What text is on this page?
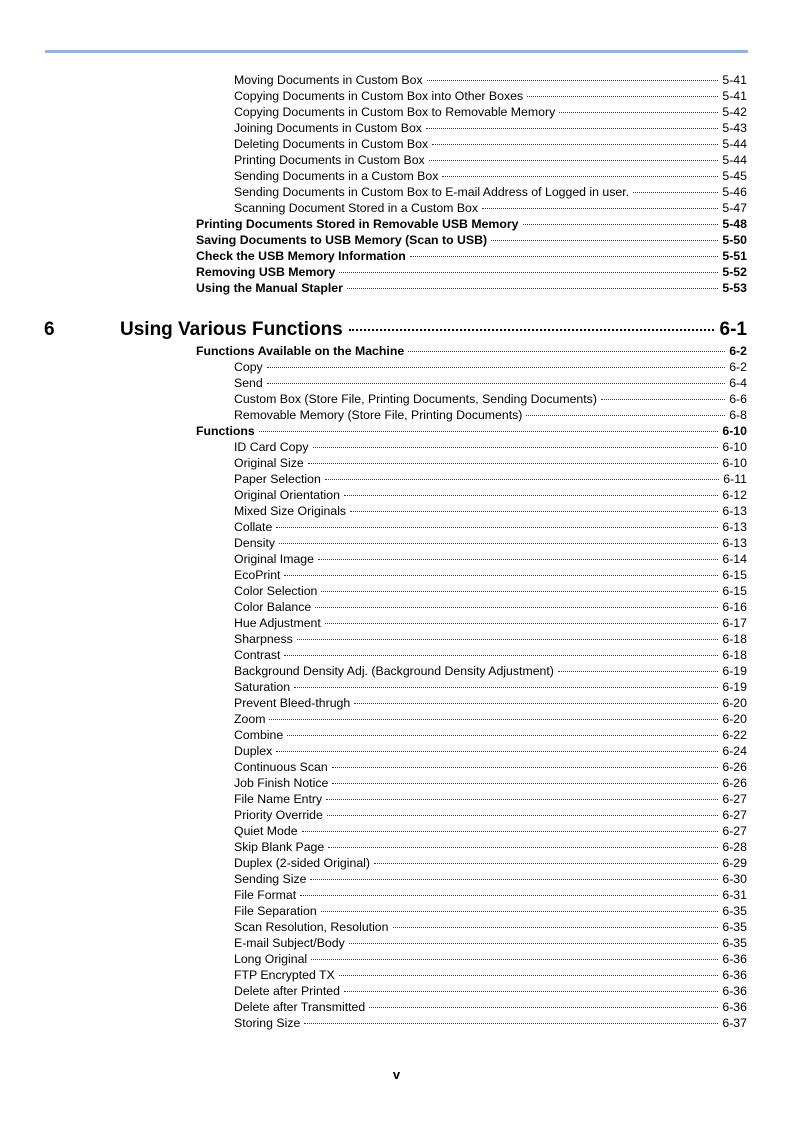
Moving Documents in Custom Box	5-41
Copying Documents in Custom Box into Other Boxes	5-41
Copying Documents in Custom Box to Removable Memory	5-42
Joining Documents in Custom Box	5-43
Deleting Documents in Custom Box	5-44
Printing Documents in Custom Box	5-44
Sending Documents in a Custom Box	5-45
Sending Documents in Custom Box to E-mail Address of Logged in user.	5-46
Scanning Document Stored in a Custom Box	5-47
Printing Documents Stored in Removable USB Memory	5-48
Saving Documents to USB Memory (Scan to USB)	5-50
Check the USB Memory Information	5-51
Removing USB Memory	5-52
Using the Manual Stapler	5-53
6	Using Various Functions	6-1
Functions Available on the Machine	6-2
Copy	6-2
Send	6-4
Custom Box (Store File, Printing Documents, Sending Documents)	6-6
Removable Memory (Store File, Printing Documents)	6-8
Functions	6-10
ID Card Copy	6-10
Original Size	6-10
Paper Selection	6-11
Original Orientation	6-12
Mixed Size Originals	6-13
Collate	6-13
Density	6-13
Original Image	6-14
EcoPrint	6-15
Color Selection	6-15
Color Balance	6-16
Hue Adjustment	6-17
Sharpness	6-18
Contrast	6-18
Background Density Adj. (Background Density Adjustment)	6-19
Saturation	6-19
Prevent Bleed-thrugh	6-20
Zoom	6-20
Combine	6-22
Duplex	6-24
Continuous Scan	6-26
Job Finish Notice	6-26
File Name Entry	6-27
Priority Override	6-27
Quiet Mode	6-27
Skip Blank Page	6-28
Duplex (2-sided Original)	6-29
Sending Size	6-30
File Format	6-31
File Separation	6-35
Scan Resolution, Resolution	6-35
E-mail Subject/Body	6-35
Long Original	6-36
FTP Encrypted TX	6-36
Delete after Printed	6-36
Delete after Transmitted	6-36
Storing Size	6-37
v
